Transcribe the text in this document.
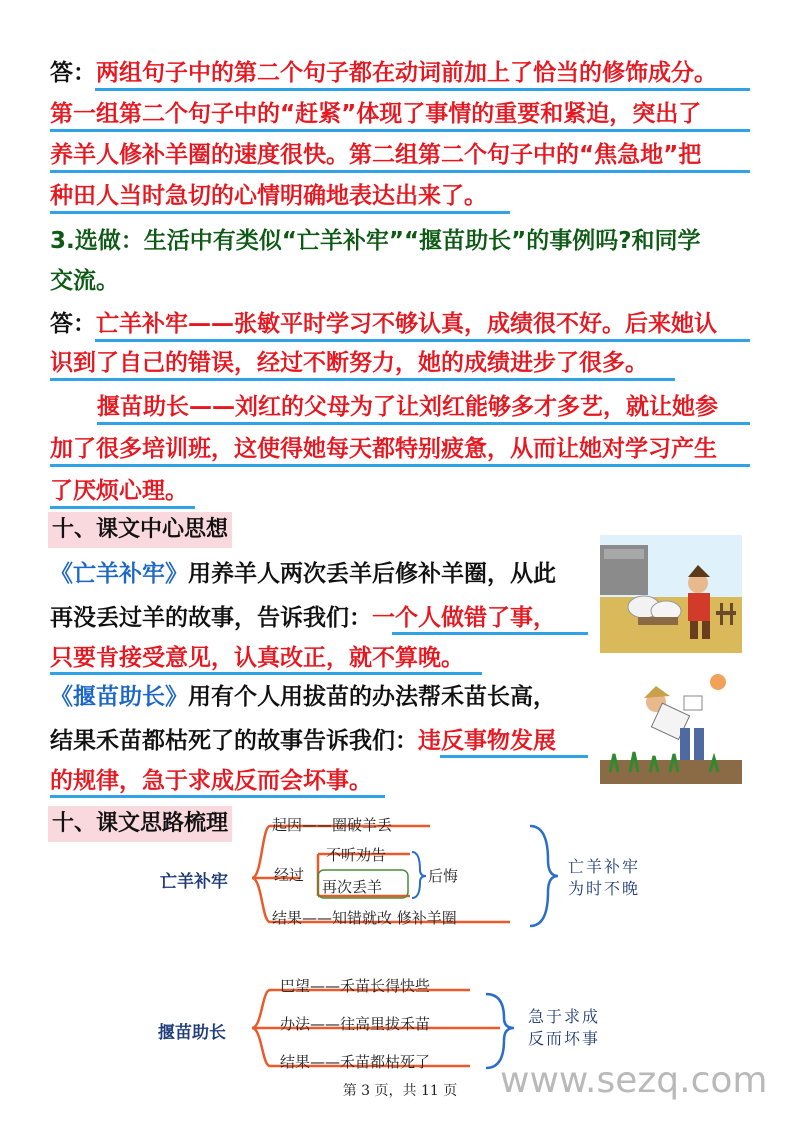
答：两组句子中的第二个句子都在动词前加上了恰当的修饰成分。
第一组第二个句子中的“赶紧”体现了事情的重要和紧迫，突出了
养羊人修补羊圈的速度很快。第二组第二个句子中的“焦急地”把
种田人当时急切的心情明确地表达出来了。
3.选做：生活中有类似“亡羊补牢”“揠苗助长”的事例吗?和同学
交流。
答：亡羊补牢——张敏平时学习不够认真，成绩很不好。后来她认
识到了自己的错误，经过不断努力，她的成绩进步了很多。
揠苗助长——刘红的父母为了让刘红能够多才多艺，就让她参
加了很多培训班，这使得她每天都特别疲惫，从而让她对学习产生
了厌烦心理。
十、课文中心思想
《亡羊补牢》用养羊人两次丢羊后修补羊圈，从此
再没丢过羊的故事，告诉我们：一个人做错了事，
只要肯接受意见，认真改正，就不算晚。
《揠苗助长》用有个人用拔苗的办法帮禾苗长高，
结果禾苗都枯死了的故事告诉我们：违反事物发展
的规律，急于求成反而会坏事。
十、课文思路梳理
亡羊补牢
起因——圈破羊丢
经过
不听劝告
再次丢羊
后悔
结果——知错就改 修补羊圈
亡羊补牢
为时不晚
揠苗助长
巴望——禾苗长得快些
办法——往高里拔禾苗
结果——禾苗都枯死了
急于求成
反而坏事
第 3 页，共 11 页	www.sezq.com
